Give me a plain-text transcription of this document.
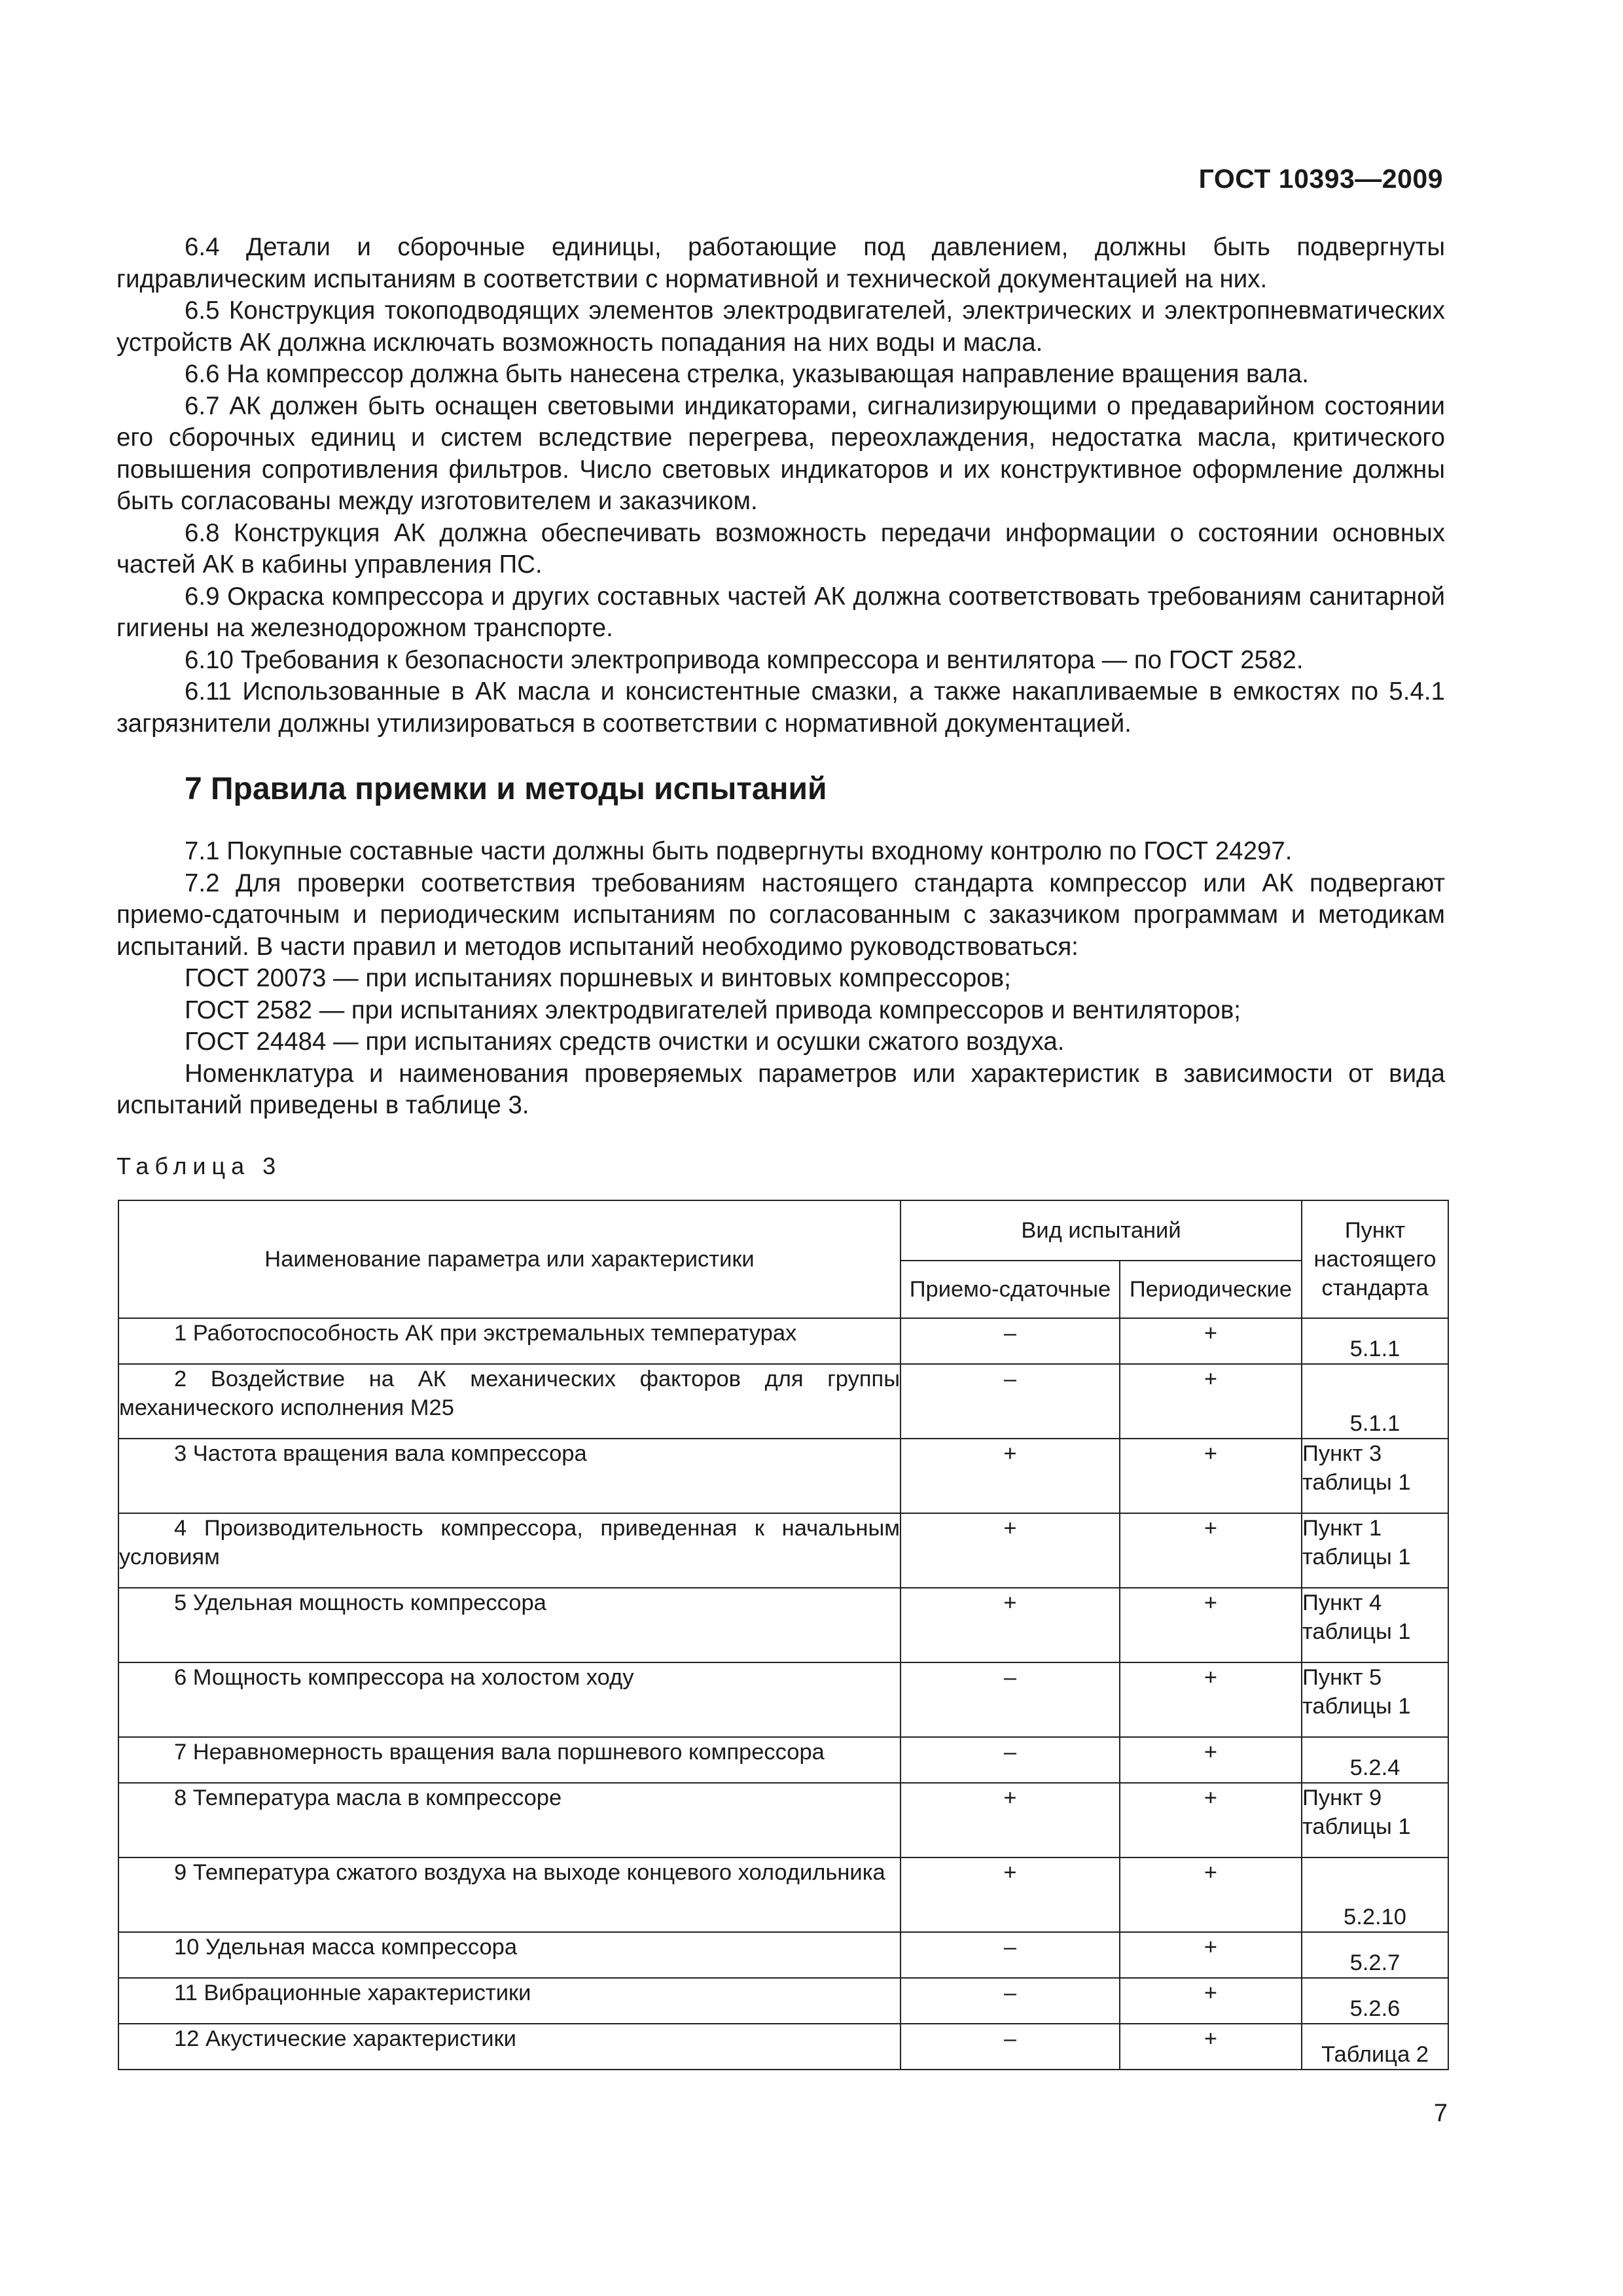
ГОСТ 10393—2009

6.4 Детали и сборочные единицы, работающие под давлением, должны быть подвергнуты гидравлическим испытаниям в соответствии с нормативной и технической документацией на них.

6.5 Конструкция токоподводящих элементов электродвигателей, электрических и электропневматических устройств АК должна исключать возможность попадания на них воды и масла.

6.6 На компрессор должна быть нанесена стрелка, указывающая направление вращения вала.

6.7 АК должен быть оснащен световыми индикаторами, сигнализирующими о предаварийном состоянии его сборочных единиц и систем вследствие перегрева, переохлаждения, недостатка масла, критического повышения сопротивления фильтров. Число световых индикаторов и их конструктивное оформление должны быть согласованы между изготовителем и заказчиком.

6.8 Конструкция АК должна обеспечивать возможность передачи информации о состоянии основных частей АК в кабины управления ПС.

6.9 Окраска компрессора и других составных частей АК должна соответствовать требованиям санитарной гигиены на железнодорожном транспорте.

6.10 Требования к безопасности электропривода компрессора и вентилятора — по ГОСТ 2582.

6.11 Использованные в АК масла и консистентные смазки, а также накапливаемые в емкостях по 5.4.1 загрязнители должны утилизироваться в соответствии с нормативной документацией.

7 Правила приемки и методы испытаний

7.1 Покупные составные части должны быть подвергнуты входному контролю по ГОСТ 24297.

7.2 Для проверки соответствия требованиям настоящего стандарта компрессор или АК подвергают приемо-сдаточным и периодическим испытаниям по согласованным с заказчиком программам и методикам испытаний. В части правил и методов испытаний необходимо руководствоваться:

ГОСТ 20073 — при испытаниях поршневых и винтовых компрессоров;

ГОСТ 2582 — при испытаниях электродвигателей привода компрессоров и вентиляторов;

ГОСТ 24484 — при испытаниях средств очистки и осушки сжатого воздуха.

Номенклатура и наименования проверяемых параметров или характеристик в зависимости от вида испытаний приведены в таблице 3.

Таблица 3
Наименование параметра или характеристики	Вид испытаний		Пункт
настоящего
стандарта

	Приемо-сдаточные	Периодические	
1 Работоспособность АК при экстремальных температурах	–	+	5.1.1
2 Воздействие на АК механических факторов для группы механического исполнения М25	–	+	5.1.1
3 Частота вращения вала компрессора	+	+	Пункт 3
таблицы 1

4 Производительность компрессора, приведенная к начальным условиям	+	+	Пункт 1
таблицы 1

5 Удельная мощность компрессора	+	+	Пункт 4
таблицы 1

6 Мощность компрессора на холостом ходу	–	+	Пункт 5
таблицы 1

7 Неравномерность вращения вала поршневого компрессора	–	+	5.2.4
8 Температура масла в компрессоре	+	+	Пункт 9
таблицы 1

9 Температура сжатого воздуха на выходе концевого холодильника	+	+	5.2.10
10 Удельная масса компрессора	–	+	5.2.7
11 Вибрационные характеристики	–	+	5.2.6
12 Акустические характеристики	–	+	Таблица 2
7
